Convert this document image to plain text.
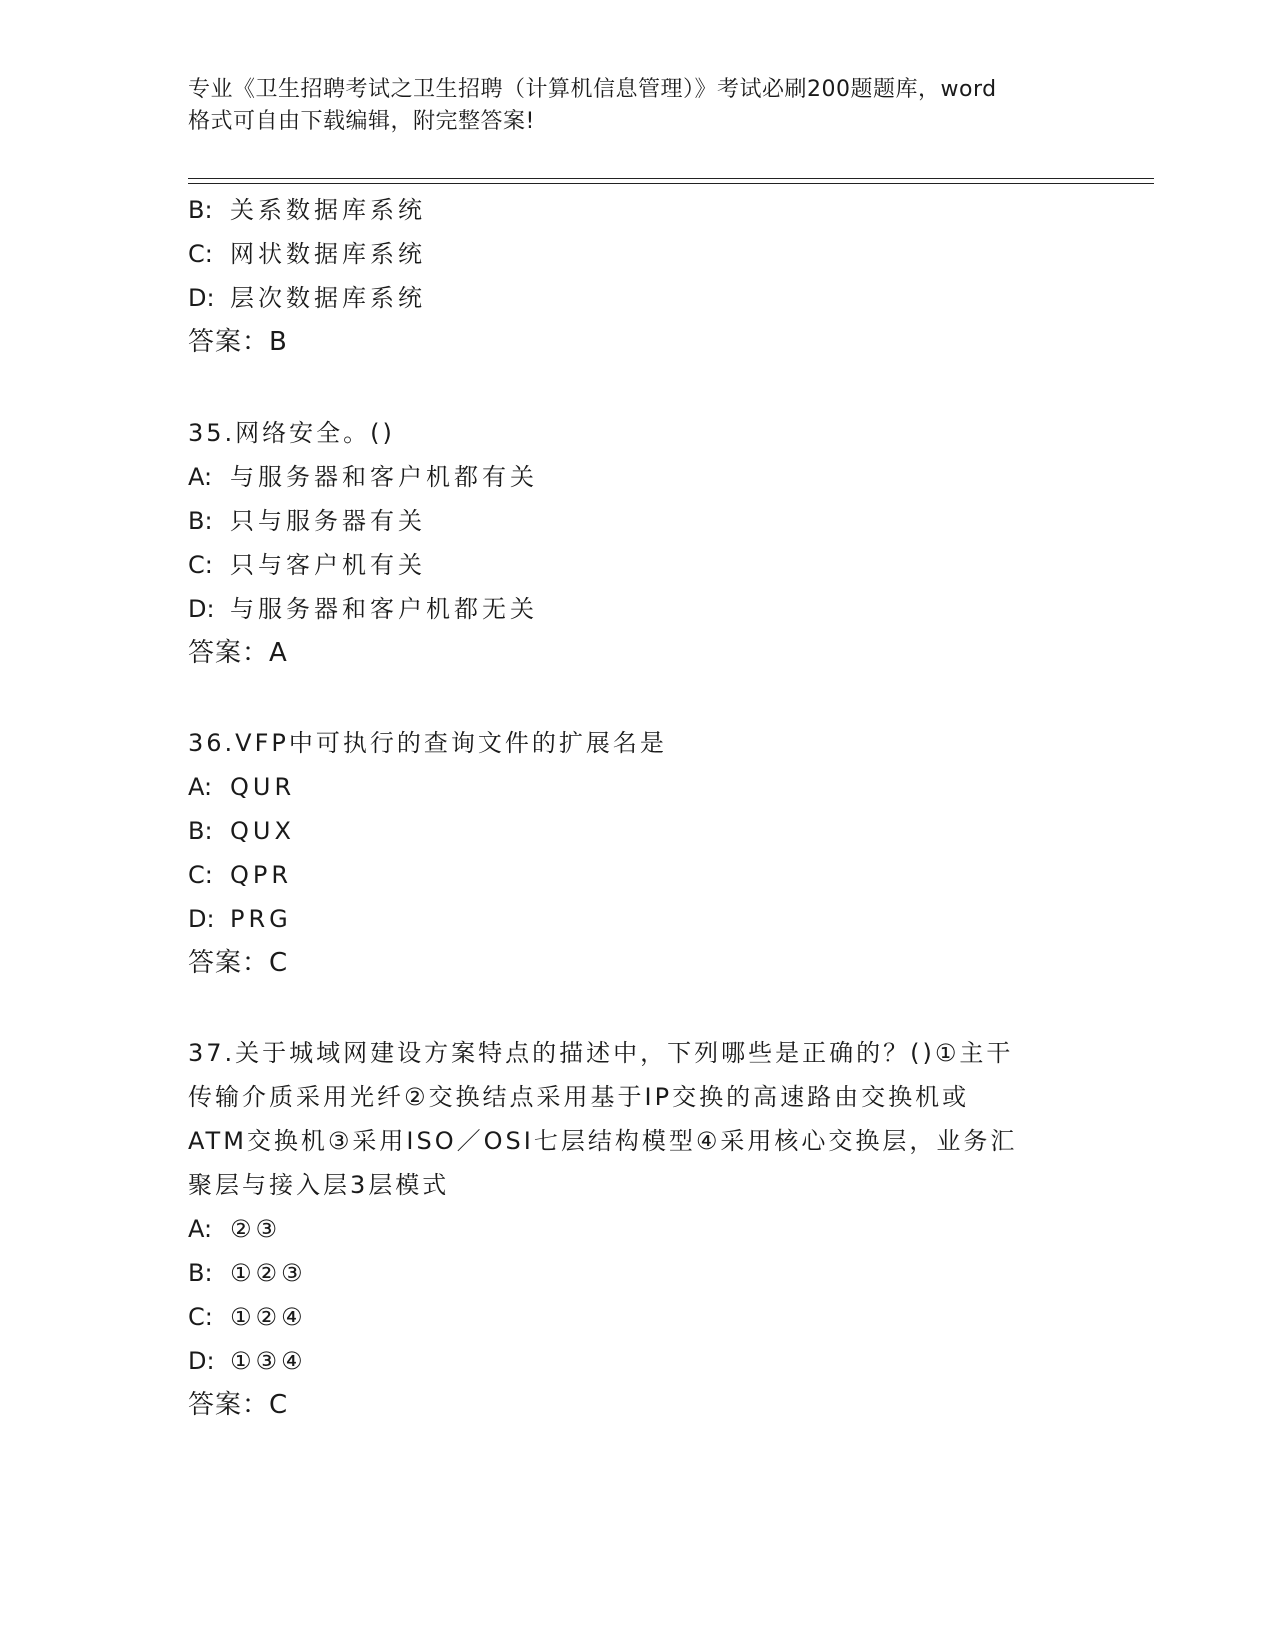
专业《卫生招聘考试之卫生招聘（计算机信息管理）》考试必刷200题题库，word
格式可自由下载编辑，附完整答案!
B: 关系数据库系统
C: 网状数据库系统
D: 层次数据库系统
答案：B
35.网络安全。()
A: 与服务器和客户机都有关
B: 只与服务器有关
C: 只与客户机有关
D: 与服务器和客户机都无关
答案：A
36.VFP中可执行的查询文件的扩展名是
A: QUR
B: QUX
C: QPR
D: PRG
答案：C
37.关于城域网建设方案特点的描述中，下列哪些是正确的？()①主干
传输介质采用光纤②交换结点采用基于IP交换的高速路由交换机或
ATM交换机③采用ISO／OSI七层结构模型④采用核心交换层，业务汇
聚层与接入层3层模式
A: ②③
B: ①②③
C: ①②④
D: ①③④
答案：C
